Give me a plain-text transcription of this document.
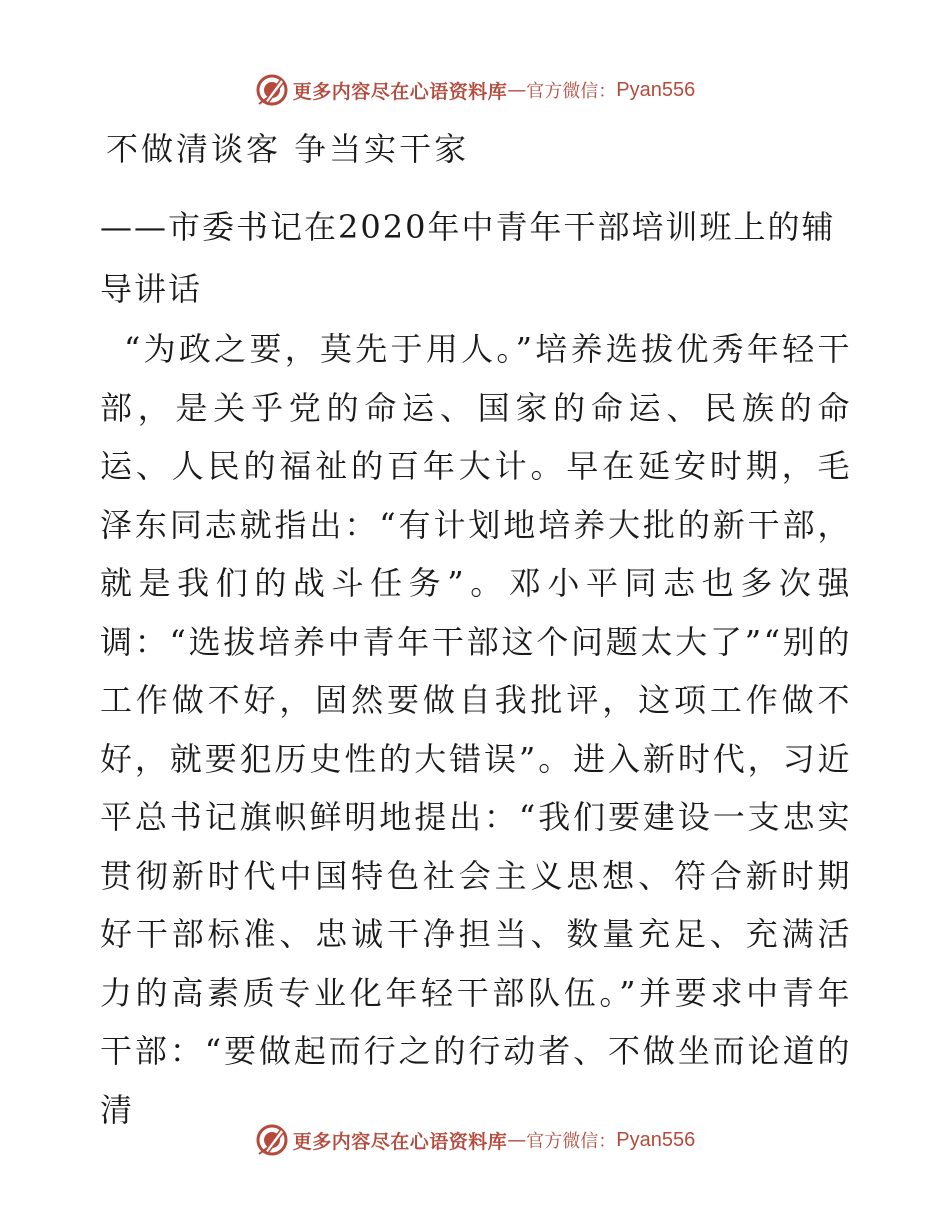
更多内容尽在心语资料库 — 官方微信： Pyan556
不做清谈客 争当实干家

——市委书记在2020年中青年干部培训班上的辅导讲话

“为政之要，莫先于用人。”培养选拔优秀年轻干部，是关乎党的命运、国家的命运、民族的命运、人民的福祉的百年大计。早在延安时期，毛泽东同志就指出：“有计划地培养大批的新干部，就是我们的战斗任务”。邓小平同志也多次强调：“选拔培养中青年干部这个问题太大了”“别的工作做不好，固然要做自我批评，这项工作做不好，就要犯历史性的大错误”。进入新时代，习近平总书记旗帜鲜明地提出：“我们要建设一支忠实贯彻新时代中国特色社会主义思想、符合新时期好干部标准、忠诚干净担当、数量充足、充满活力的高素质专业化年轻干部队伍。”并要求中青年干部：“要做起而行之的行动者、不做坐而论道的清

更多内容尽在心语资料库 — 官方微信： Pyan556
